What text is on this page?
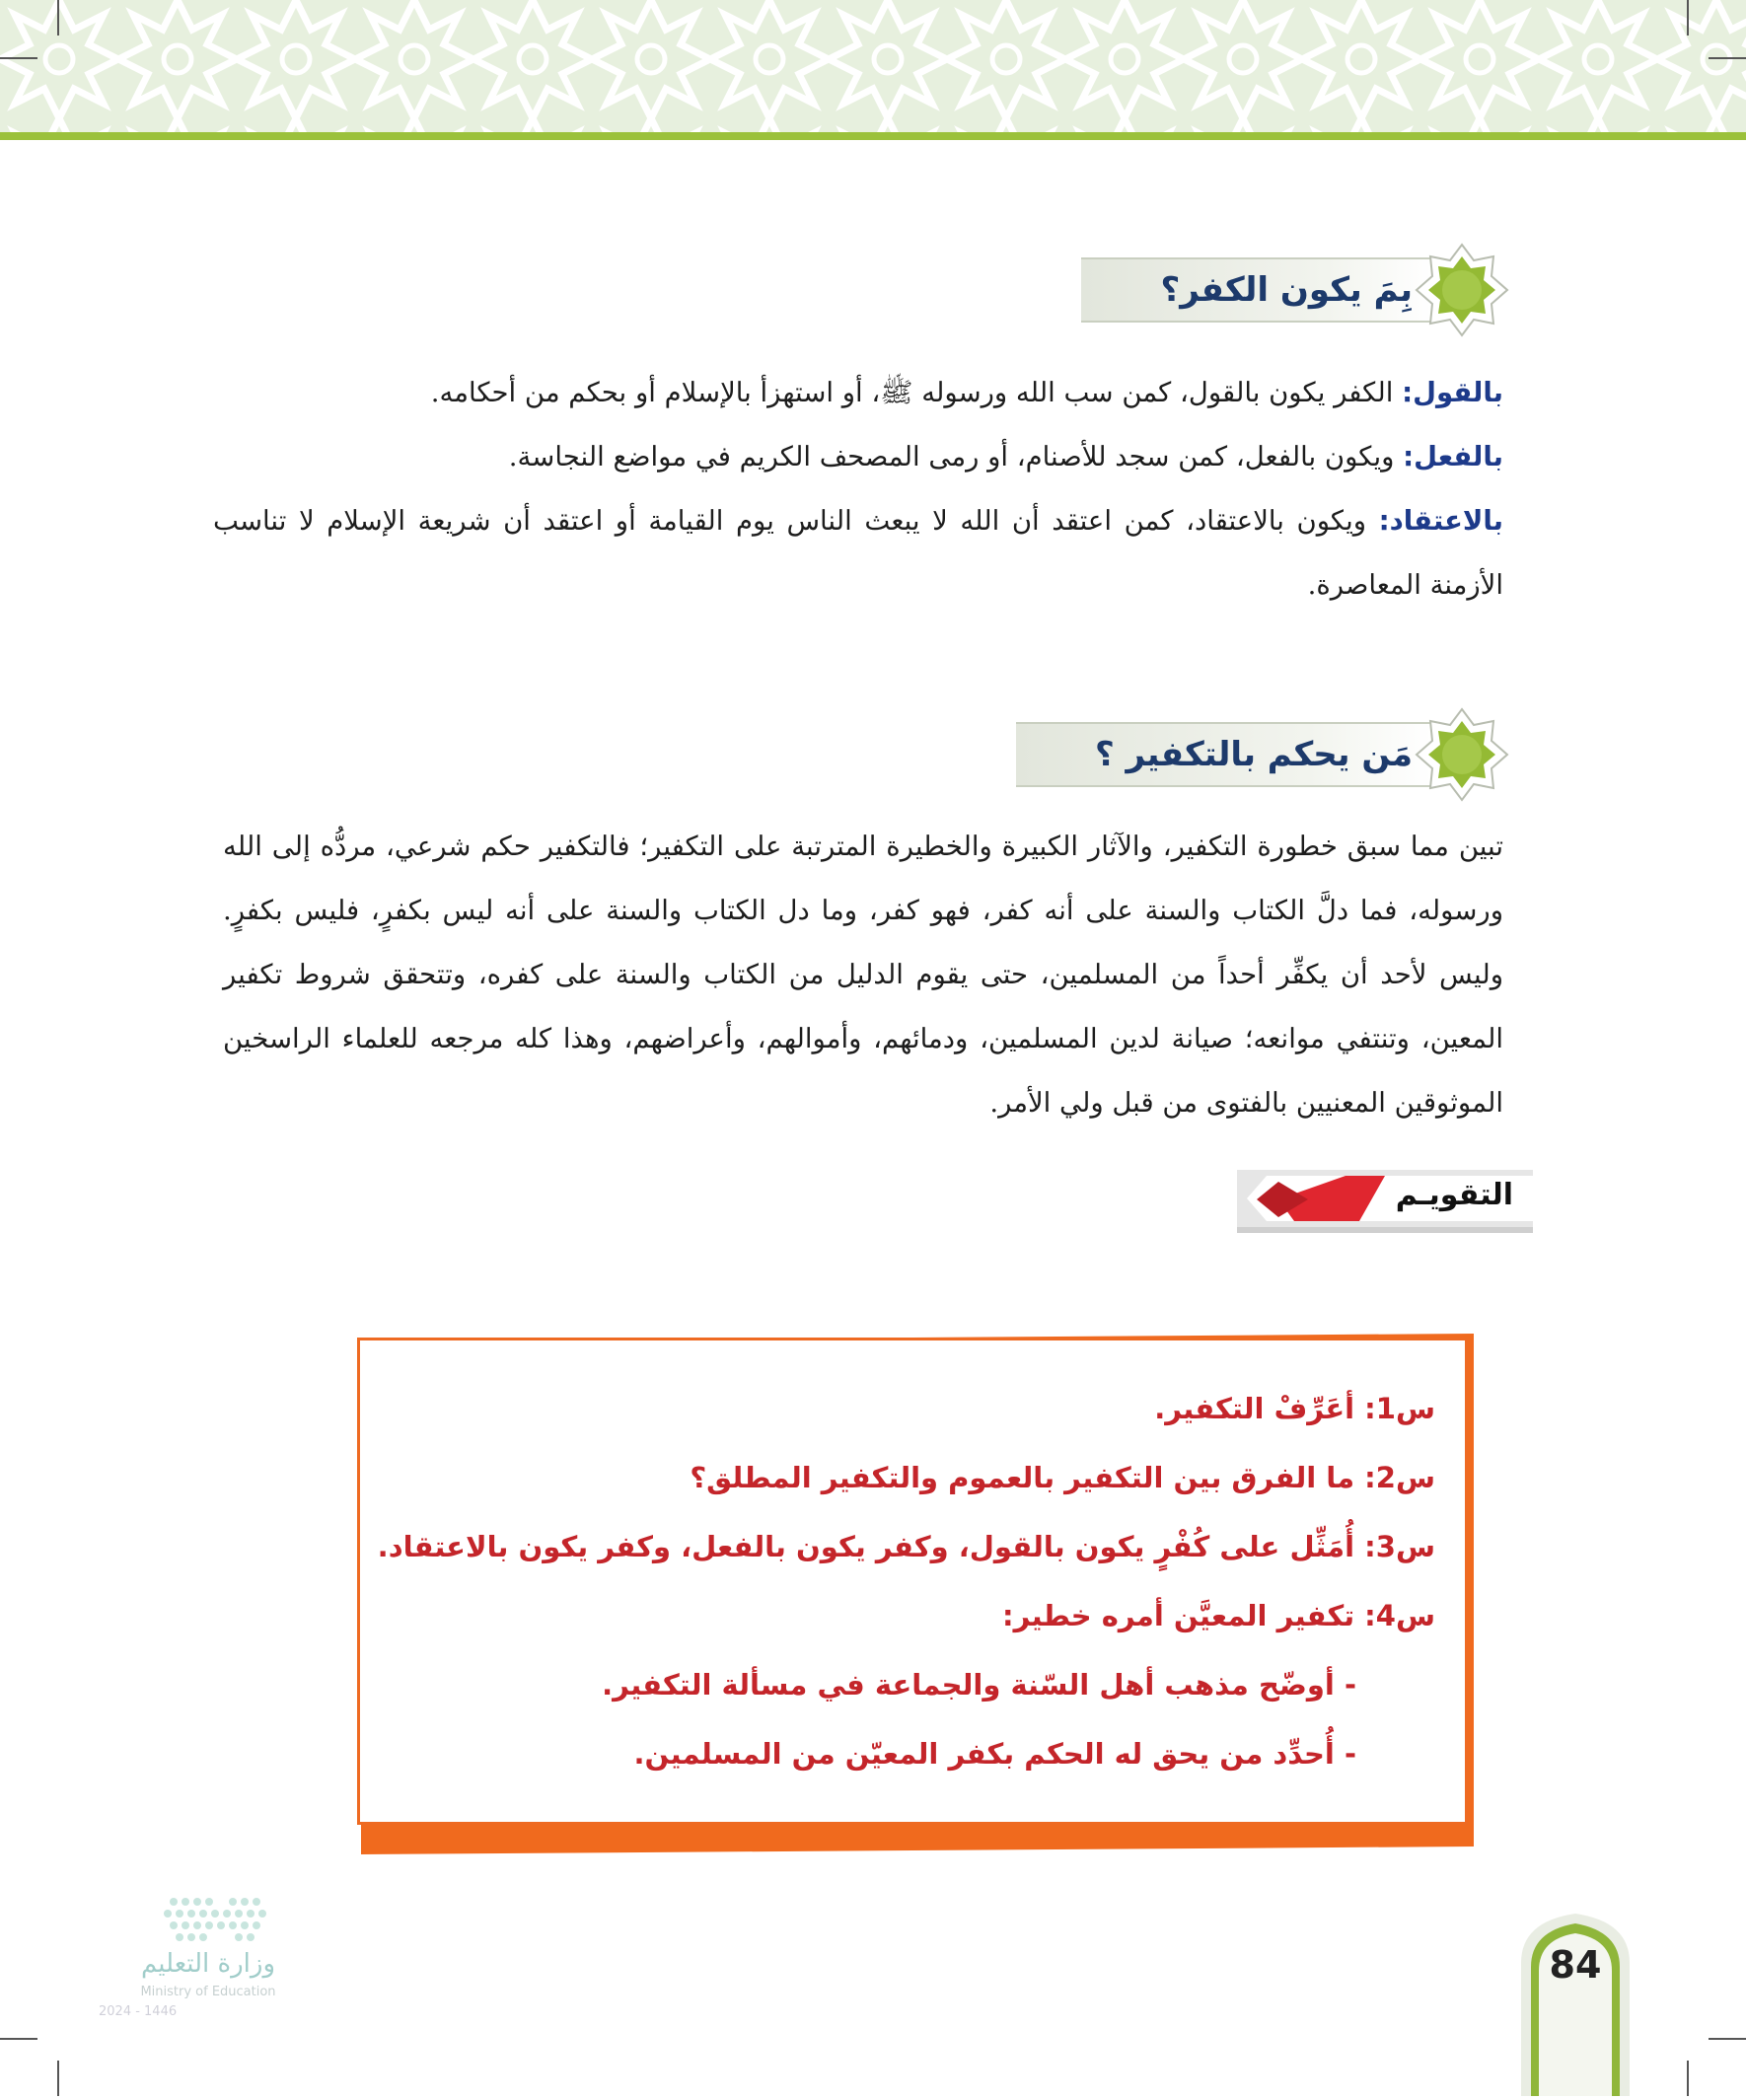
بِمَ يكون الكفر؟
بالقول: الكفر يكون بالقول، كمن سب الله ورسوله ﷺ، أو استهزأ بالإسلام أو بحكم من أحكامه.
بالفعل: ويكون بالفعل، كمن سجد للأصنام، أو رمى المصحف الكريم في مواضع النجاسة.
بالاعتقاد: ويكون بالاعتقاد، كمن اعتقد أن الله لا يبعث الناس يوم القيامة أو اعتقد أن شريعة الإسلام لا تناسب الأزمنة المعاصرة.
مَن يحكم بالتكفير ؟
تبين مما سبق خطورة التكفير، والآثار الكبيرة والخطيرة المترتبة على التكفير؛ فالتكفير حكم شرعي، مردُّه إلى الله ورسوله، فما دلَّ الكتاب والسنة على أنه كفر، فهو كفر، وما دل الكتاب والسنة على أنه ليس بكفرٍ، فليس بكفرٍ. وليس لأحد أن يكفِّر أحداً من المسلمين، حتى يقوم الدليل من الكتاب والسنة على كفره، وتتحقق شروط تكفير المعين، وتنتفي موانعه؛ صيانة لدين المسلمين، ودمائهم، وأموالهم، وأعراضهم، وهذا كله مرجعه للعلماء الراسخين الموثوقين المعنيين بالفتوى من قبل ولي الأمر.
التقويـم
س1: أعَرِّفْ التكفير.
س2: ما الفرق بين التكفير بالعموم والتكفير المطلق؟
س3: أُمَثِّل على كُفْرٍ يكون بالقول، وكفر يكون بالفعل، وكفر يكون بالاعتقاد.
س4: تكفير المعيَّن أمره خطير:
- أوضّح مذهب أهل السّنة والجماعة في مسألة التكفير.
- أُحدِّد من يحق له الحكم بكفر المعيّن من المسلمين.
وزارة التعليم
Ministry of Education
2024 - 1446
84
